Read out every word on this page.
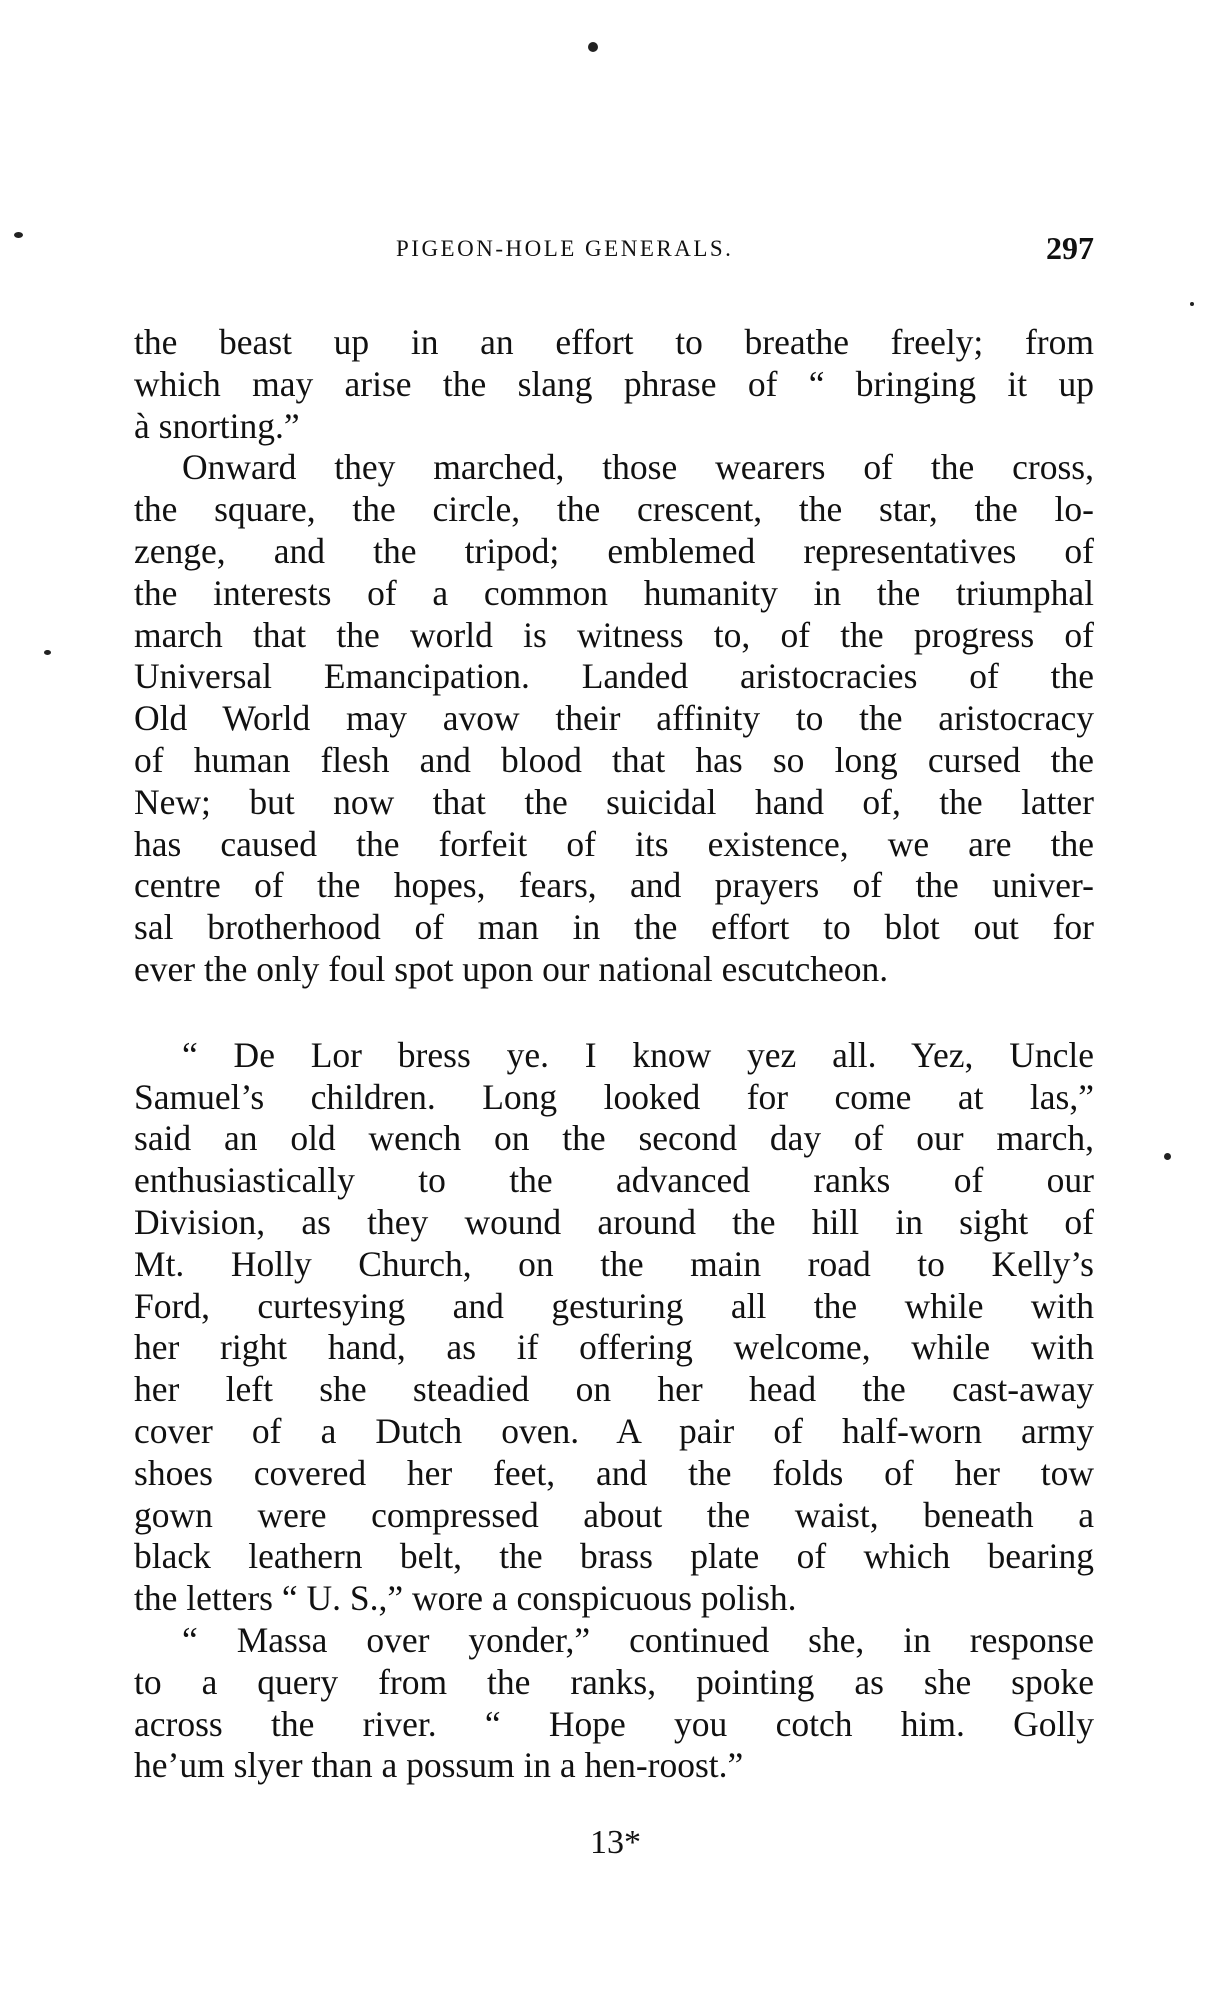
PIGEON-HOLE GENERALS.	297
the beast up in an effort to breathe freely; from
which may arise the slang phrase of “ bringing it up
à snorting.”
Onward they marched, those wearers of the cross,
the square, the circle, the crescent, the star, the lo-
zenge, and the tripod; emblemed representatives of
the interests of a common humanity in the triumphal
march that the world is witness to, of the progress of
Universal Emancipation. Landed aristocracies of the
Old World may avow their affinity to the aristocracy
of human flesh and blood that has so long cursed the
New; but now that the suicidal hand of, the latter
has caused the forfeit of its existence, we are the
centre of the hopes, fears, and prayers of the univer-
sal brotherhood of man in the effort to blot out for
ever the only foul spot upon our national escutcheon.
“ De Lor bress ye. I know yez all. Yez, Uncle
Samuel’s children. Long looked for come at las,”
said an old wench on the second day of our march,
enthusiastically to the advanced ranks of our
Division, as they wound around the hill in sight of
Mt. Holly Church, on the main road to Kelly’s
Ford, curtesying and gesturing all the while with
her right hand, as if offering welcome, while with
her left she steadied on her head the cast-away
cover of a Dutch oven. A pair of half-worn army
shoes covered her feet, and the folds of her tow
gown were compressed about the waist, beneath a
black leathern belt, the brass plate of which bearing
the letters “ U. S.,” wore a conspicuous polish.
“ Massa over yonder,” continued she, in response
to a query from the ranks, pointing as she spoke
across the river. “ Hope you cotch him. Golly
he’um slyer than a possum in a hen-roost.”
13*
